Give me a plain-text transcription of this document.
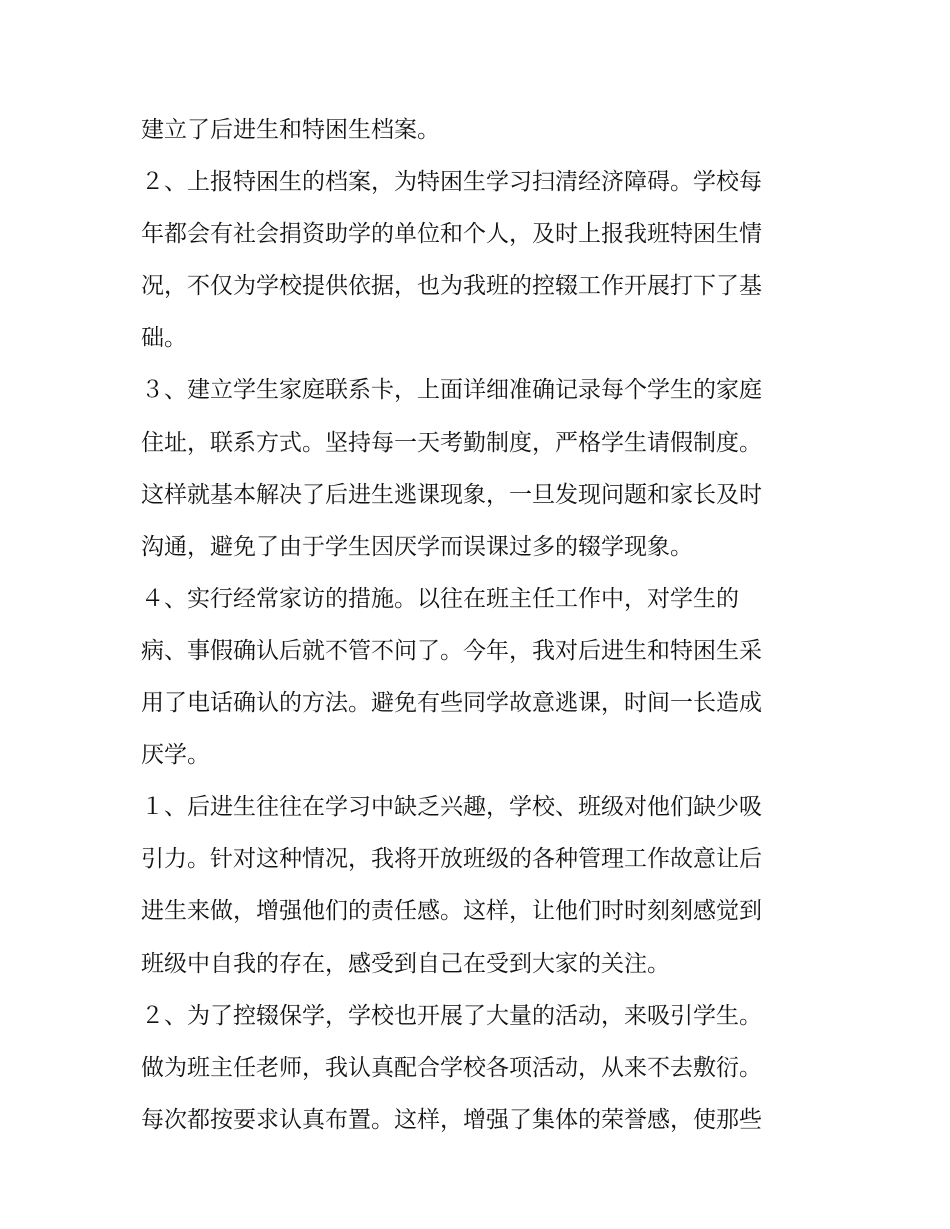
建立了后进生和特困生档案。
２、上报特困生的档案，为特困生学习扫清经济障碍。学校每
年都会有社会捐资助学的单位和个人，及时上报我班特困生情
况，不仅为学校提供依据，也为我班的控辍工作开展打下了基
础。
３、建立学生家庭联系卡，上面详细准确记录每个学生的家庭
住址，联系方式。坚持每一天考勤制度，严格学生请假制度。
这样就基本解决了后进生逃课现象，一旦发现问题和家长及时
沟通，避免了由于学生因厌学而误课过多的辍学现象。
４、实行经常家访的措施。以往在班主任工作中，对学生的
病、事假确认后就不管不问了。今年，我对后进生和特困生采
用了电话确认的方法。避免有些同学故意逃课，时间一长造成
厌学。
１、后进生往往在学习中缺乏兴趣，学校、班级对他们缺少吸
引力。针对这种情况，我将开放班级的各种管理工作故意让后
进生来做，增强他们的责任感。这样，让他们时时刻刻感觉到
班级中自我的存在，感受到自己在受到大家的关注。
２、为了控辍保学，学校也开展了大量的活动，来吸引学生。
做为班主任老师，我认真配合学校各项活动，从来不去敷衍。
每次都按要求认真布置。这样，增强了集体的荣誉感，使那些
